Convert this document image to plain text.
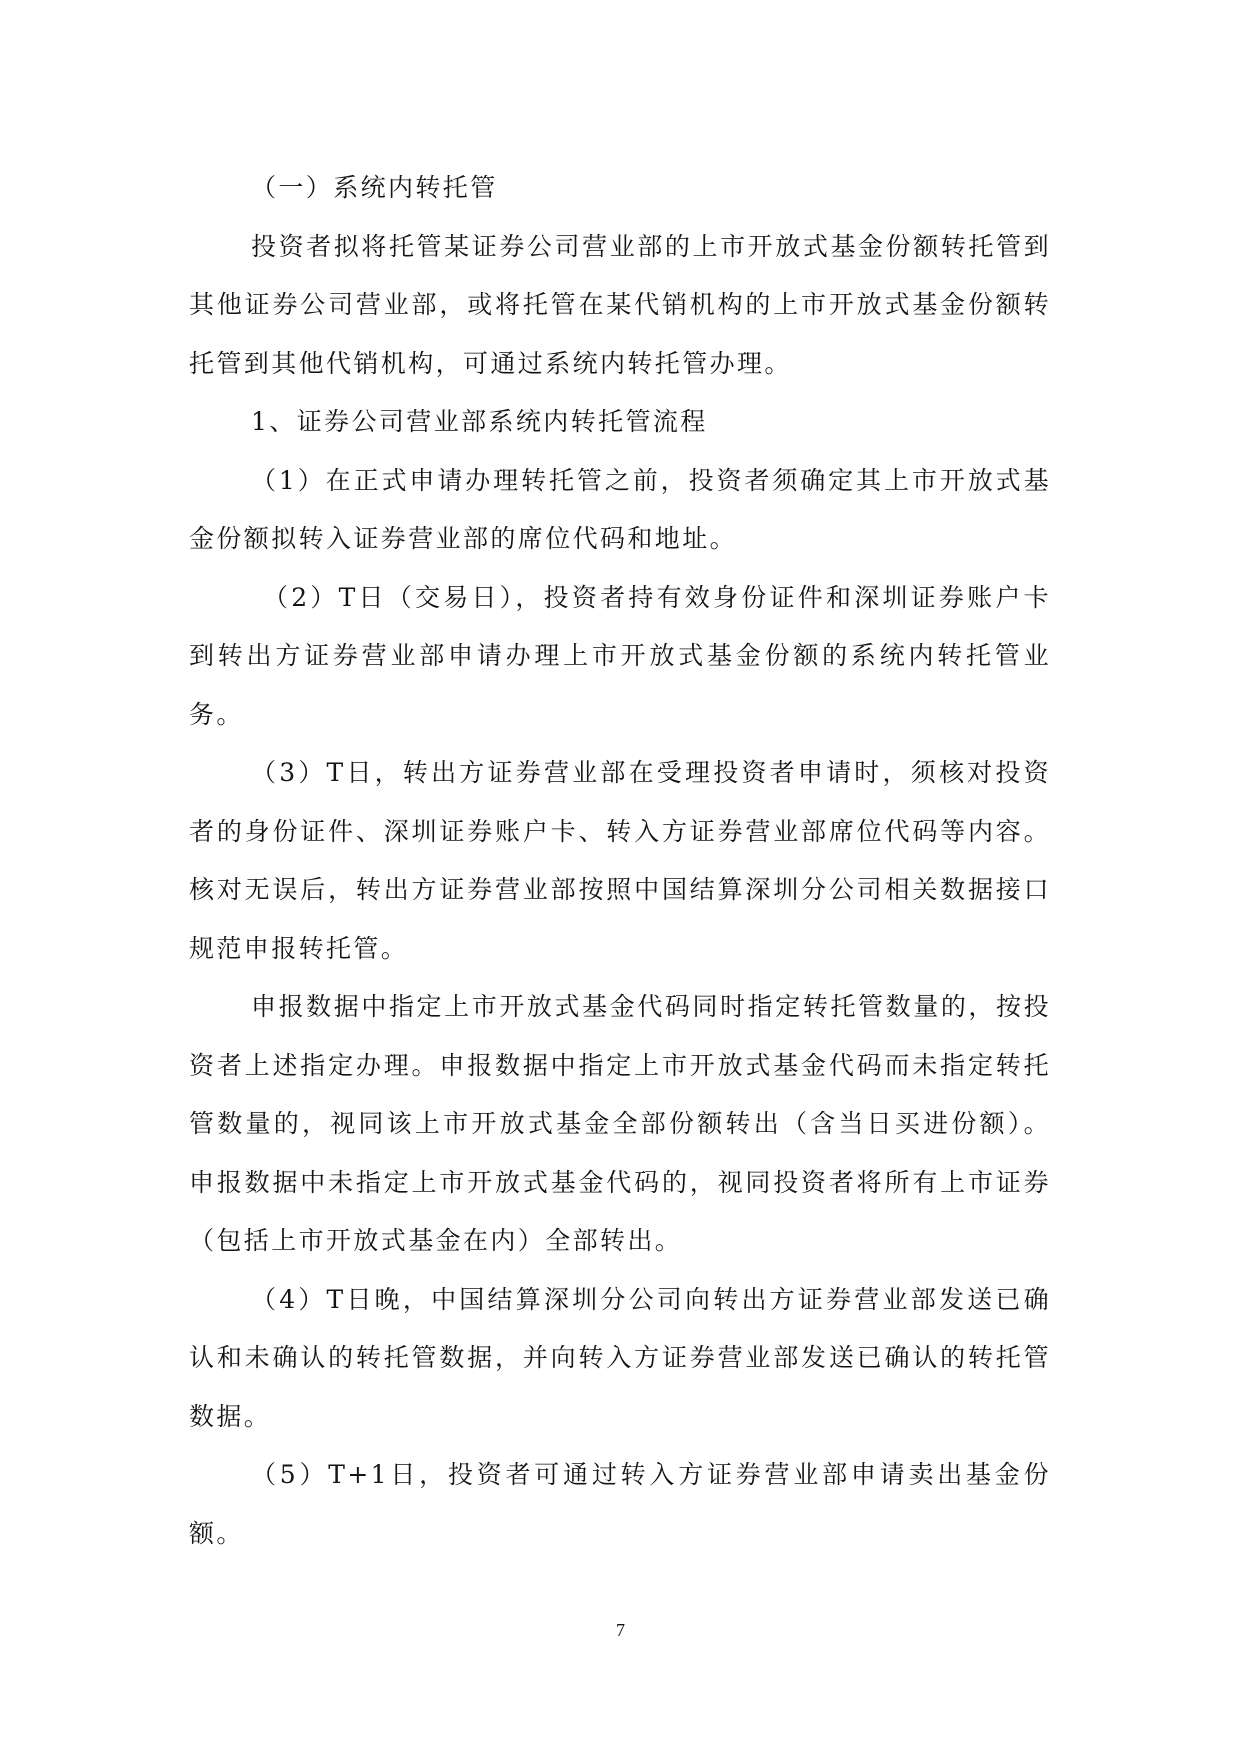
（一）系统内转托管

投资者拟将托管某证券公司营业部的上市开放式基金份额转托管到其他证券公司营业部，或将托管在某代销机构的上市开放式基金份额转托管到其他代销机构，可通过系统内转托管办理。

1、证券公司营业部系统内转托管流程

（1）在正式申请办理转托管之前，投资者须确定其上市开放式基金份额拟转入证券营业部的席位代码和地址。

（2）T日（交易日），投资者持有效身份证件和深圳证券账户卡到转出方证券营业部申请办理上市开放式基金份额的系统内转托管业务。

（3）T日，转出方证券营业部在受理投资者申请时，须核对投资者的身份证件、深圳证券账户卡、转入方证券营业部席位代码等内容。核对无误后，转出方证券营业部按照中国结算深圳分公司相关数据接口规范申报转托管。

申报数据中指定上市开放式基金代码同时指定转托管数量的，按投资者上述指定办理。申报数据中指定上市开放式基金代码而未指定转托管数量的，视同该上市开放式基金全部份额转出（含当日买进份额）。申报数据中未指定上市开放式基金代码的，视同投资者将所有上市证券（包括上市开放式基金在内）全部转出。

（4）T日晚，中国结算深圳分公司向转出方证券营业部发送已确认和未确认的转托管数据，并向转入方证券营业部发送已确认的转托管数据。

（5）T+1日，投资者可通过转入方证券营业部申请卖出基金份额。

7
